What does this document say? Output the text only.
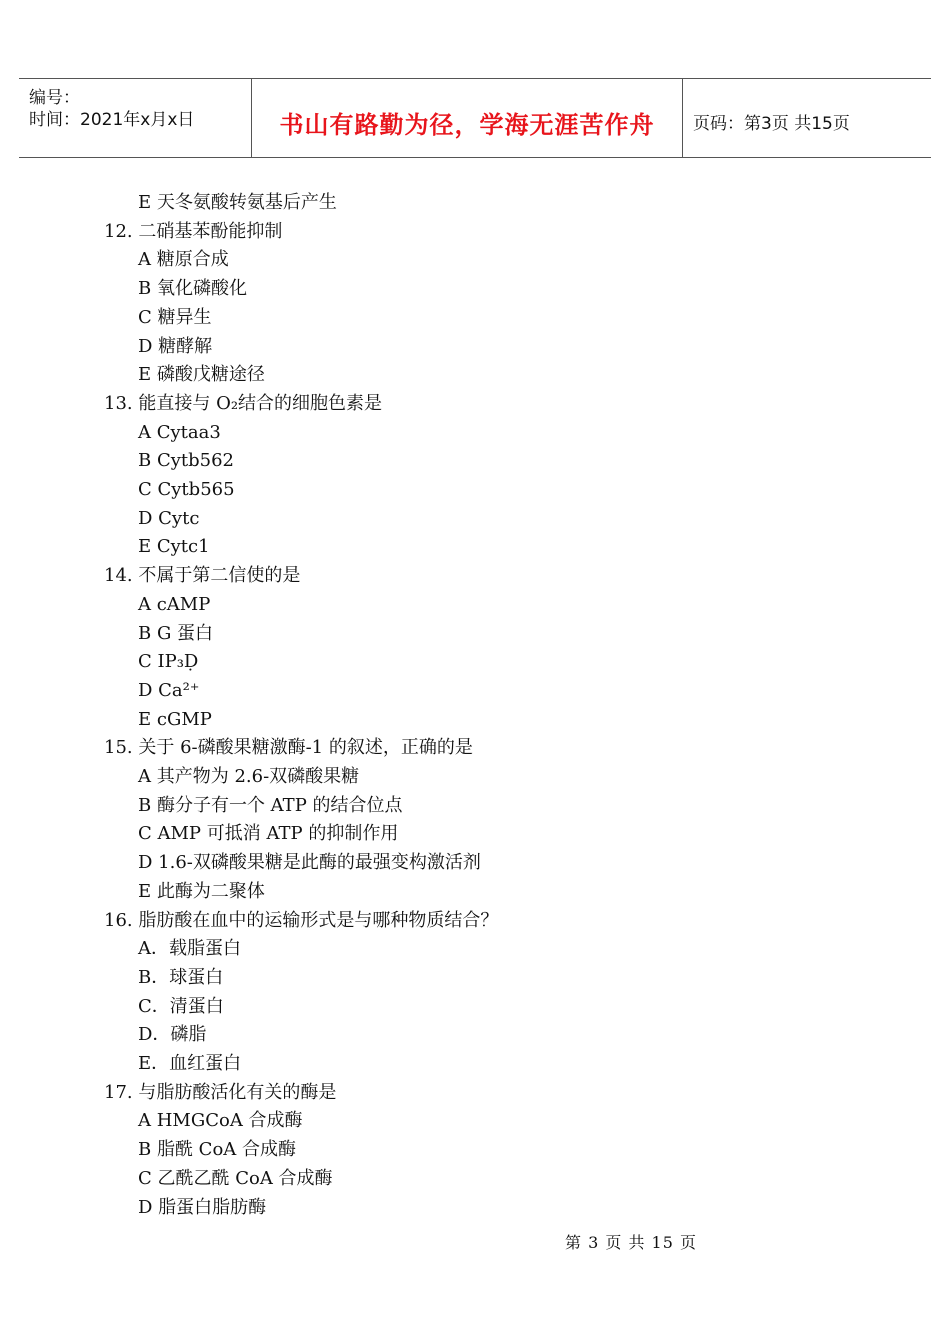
编号：
时间：2021年x月x日	书山有路勤为径，学海无涯苦作舟	页码：第3页 共15页
E 天冬氨酸转氨基后产生
12. 二硝基苯酚能抑制
A 糖原合成
B 氧化磷酸化
C 糖异生
D 糖酵解
E 磷酸戊糖途径
13. 能直接与 O₂结合的细胞色素是
A Cytaa3
B Cytb562
C Cytb565
D Cytc
E Cytc1
14. 不属于第二信使的是
A cAMP
B G 蛋白
C IP₃Ḍ
D Ca²⁺
E cGMP
15. 关于 6-磷酸果糖激酶-1 的叙述，正确的是
A 其产物为 2.6-双磷酸果糖
B 酶分子有一个 ATP 的结合位点
C AMP 可抵消 ATP 的抑制作用
D 1.6-双磷酸果糖是此酶的最强变构激活剂
E 此酶为二聚体
16. 脂肪酸在血中的运输形式是与哪种物质结合？
A．载脂蛋白
B．球蛋白
C．清蛋白
D．磷脂
E．血红蛋白
17. 与脂肪酸活化有关的酶是
A HMGCoA 合成酶
B 脂酰 CoA 合成酶
C 乙酰乙酰 CoA 合成酶
D 脂蛋白脂肪酶
第 3 页 共 15 页
